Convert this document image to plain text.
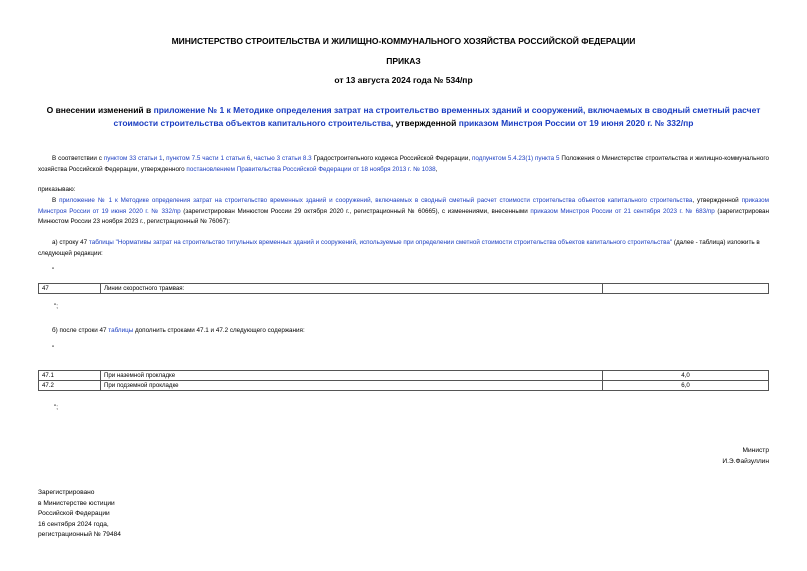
МИНИСТЕРСТВО СТРОИТЕЛЬСТВА И ЖИЛИЩНО-КОММУНАЛЬНОГО ХОЗЯЙСТВА РОССИЙСКОЙ ФЕДЕРАЦИИ
ПРИКАЗ
от 13 августа 2024 года № 534/пр
О внесении изменений в приложение № 1 к Методике определения затрат на строительство временных зданий и сооружений, включаемых в сводный сметный расчет стоимости строительства объектов капитального строительства, утвержденной приказом Минстроя России от 19 июня 2020 г. № 332/пр
В соответствии с пунктом 33 статьи 1, пунктом 7.5 части 1 статьи 6, частью 3 статьи 8.3 Градостроительного кодекса Российской Федерации, подпунктом 5.4.23(1) пункта 5 Положения о Министерстве строительства и жилищно-коммунального хозяйства Российской Федерации, утвержденного постановлением Правительства Российской Федерации от 18 ноября 2013 г. № 1038,
приказываю:
В приложение № 1 к Методике определения затрат на строительство временных зданий и сооружений, включаемых в сводный сметный расчет стоимости строительства объектов капитального строительства, утвержденной приказом Минстроя России от 19 июня 2020 г. № 332/пр (зарегистрирован Минюстом России 29 октября 2020 г., регистрационный № 60665), с изменениями, внесенными приказом Минстроя России от 21 сентября 2023 г. № 683/пр (зарегистрирован Минюстом России 23 ноября 2023 г., регистрационный № 76067):
а) строку 47 таблицы "Нормативы затрат на строительство титульных временных зданий и сооружений, используемые при определении сметной стоимости строительства объектов капитального строительства" (далее - таблица) изложить в следующей редакции:
"
47	Линии скоростного трамвая:	
";
б) после строки 47 таблицы дополнить строками 47.1 и 47.2 следующего содержания:
"
47.1	При наземной прокладке	4,0
47.2	При подземной прокладке	6,0
";
Министр
И.Э.Файзуллин
Зарегистрировано
в Министерстве юстиции
Российской Федерации
16 сентября 2024 года,
регистрационный № 79484
